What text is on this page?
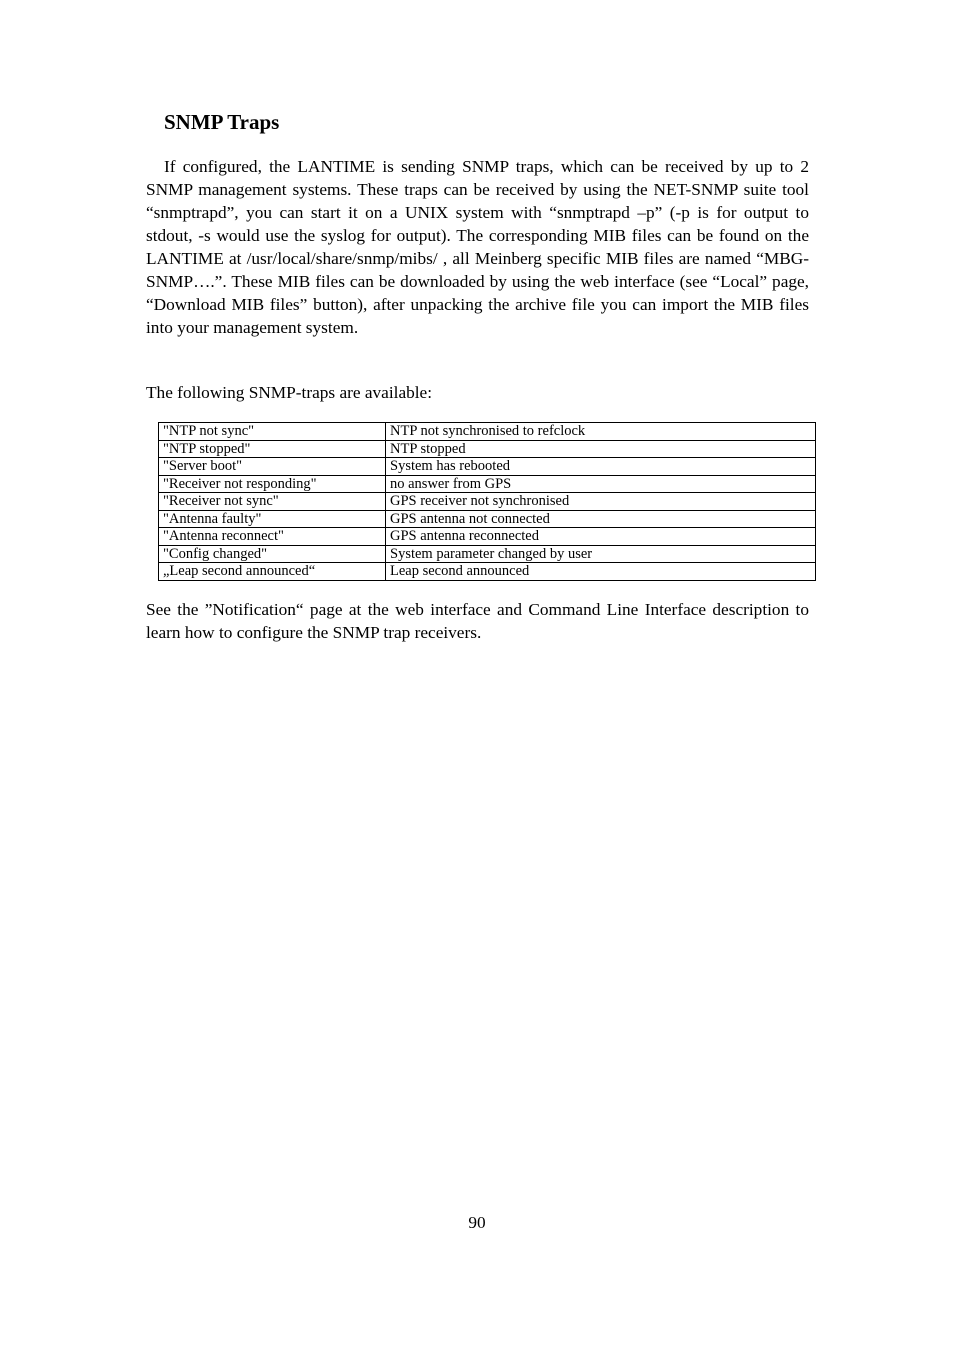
SNMP Traps

If configured, the LANTIME is sending SNMP traps, which can be received by up to 2 SNMP management systems. These traps can be received by using the NET-SNMP suite tool “snmptrapd”, you can start it on a UNIX system with “snmptrapd –p” (-p is for output to stdout, -s would use the syslog for output). The corresponding MIB files can be found on the LANTIME at /usr/local/share/snmp/mibs/ , all Meinberg specific MIB files are named “MBG-SNMP….”. These MIB files can be downloaded by using the web interface (see “Local” page, “Download MIB files” button), after unpacking the archive file you can import the MIB files into your management system.

The following SNMP-traps are available:

"NTP not sync"	NTP not synchronised to refclock
"NTP stopped"	NTP stopped
"Server boot"	System has rebooted
"Receiver not responding"	no answer from GPS
"Receiver not sync"	GPS receiver not synchronised
"Antenna faulty"	GPS antenna not connected
"Antenna reconnect"	GPS antenna reconnected
"Config changed"	System parameter changed by user
„Leap second announced“	Leap second announced

See the ”Notification“ page at the web interface and Command Line Interface description to learn how to configure the SNMP trap receivers.

90
